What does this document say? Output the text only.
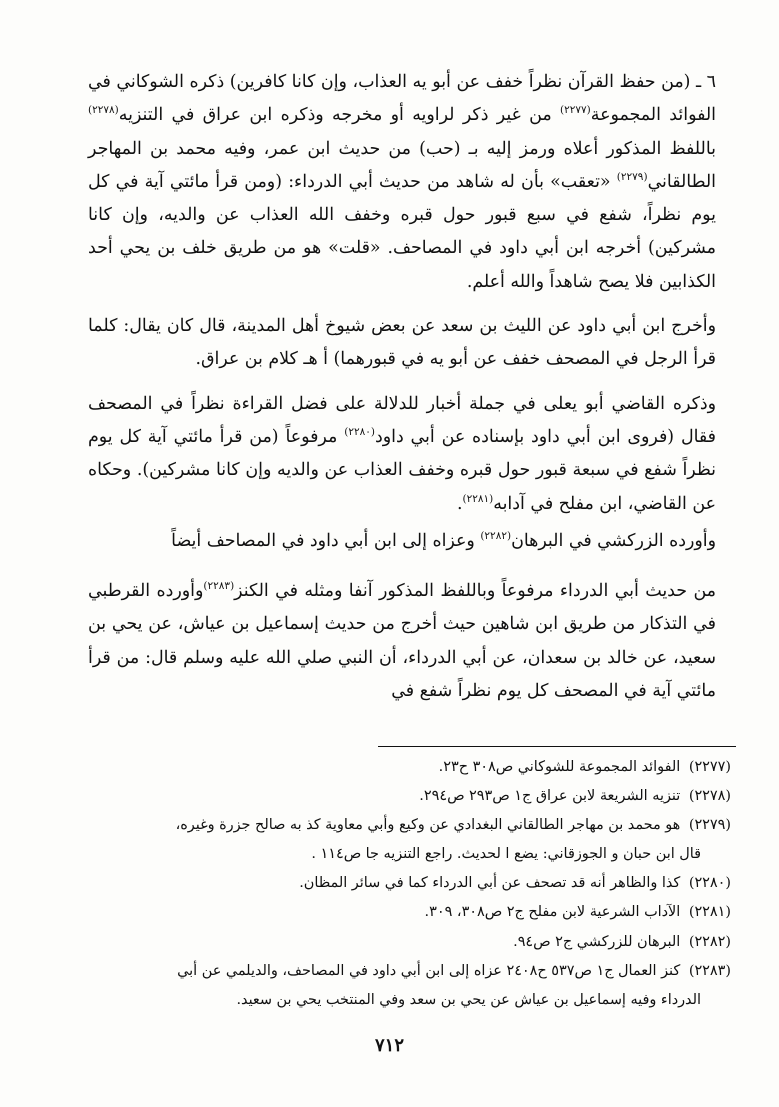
٦ ـ (من حفظ القرآن نظراً خفف عن أبو يه العذاب، وإن كانا كافرين) ذكره الشوكاني في الفوائد المجموعة$^{(٢٢٧٧)}$ من غير ذكر لراويه أو مخرجه وذكره ابن عراق في التنزيه$^{(٢٢٧٨)}$ باللفظ المذكور أعلاه ورمز إليه بـ (حب) من حديث ابن عمر، وفيه محمد بن المهاجر الطالقاني$^{(٢٢٧٩)}$ «تعقب» بأن له شاهد من حديث أبي الدرداء: (ومن قرأ مائتي آية في كل يوم نظراً، شفع في سبع قبور حول قبره وخفف الله العذاب عن والديه، وإن كانا مشركين) أخرجه ابن أبي داود في المصاحف. «قلت» هو من طريق خلف بن يحي أحد الكذابين فلا يصح شاهداً والله أعلم.

وأخرج ابن أبي داود عن الليث بن سعد عن بعض شيوخ أهل المدينة، قال كان يقال: كلما قرأ الرجل في المصحف خفف عن أبو يه في قبورهما) أ هـ كلام بن عراق.

وذكره القاضي أبو يعلى في جملة أخبار للدلالة على فضل القراءة نظراً في المصحف فقال (فروى ابن أبي داود بإسناده عن أبي داود$^{(٢٢٨٠)}$ مرفوعاً (من قرأ مائتي آية كل يوم نظراً شفع في سبعة قبور حول قبره وخفف العذاب عن والديه وإن كانا مشركين). وحكاه عن القاضي، ابن مفلح في آدابه$^{(٢٢٨١)}$.

وأورده الزركشي في البرهان$^{(٢٢٨٢)}$ وعزاه إلى ابن أبي داود في المصاحف أيضاً

من حديث أبي الدرداء مرفوعاً وباللفظ المذكور آنفا ومثله في الكنز$^{(٢٢٨٣)}$وأورده القرطبي في التذكار من طريق ابن شاهين حيث أخرج من حديث إسماعيل بن عياش، عن يحي بن سعيد، عن خالد بن سعدان، عن أبي الدرداء، أن النبي صلي الله عليه وسلم قال: من قرأ مائتي آية في المصحف كل يوم نظراً شفع في

(٢٢٧٧) الفوائد المجموعة للشوكاني ص٣٠٨ ح٢٣.

(٢٢٧٨) تنزيه الشريعة لابن عراق ج١ ص٢٩٣ ص٢٩٤.

(٢٢٧٩) هو محمد بن مهاجر الطالقاني البغدادي عن وكيع وأبي معاوية كذ به صالح جزرة وغيره،
قال ابن حبان و الجوزقاني: يضع ا لحديث. راجع التنزيه جا ص١١٤ .

(٢٢٨٠) كذا والظاهر أنه قد تصحف عن أبي الدرداء كما في سائر المظان.

(٢٢٨١) الآداب الشرعية لابن مفلح ج٢ ص٣٠٨، ٣٠٩.

(٢٢٨٢) البرهان للزركشي ج٢ ص٩٤.

(٢٢٨٣) كنز العمال ج١ ص٥٣٧ ح٢٤٠٨ عزاه إلى ابن أبي داود في المصاحف، والديلمي عن أبي
الدرداء وفيه إسماعيل بن عياش عن يحي بن سعد وفي المنتخب يحي بن سعيد.

٧١٢
